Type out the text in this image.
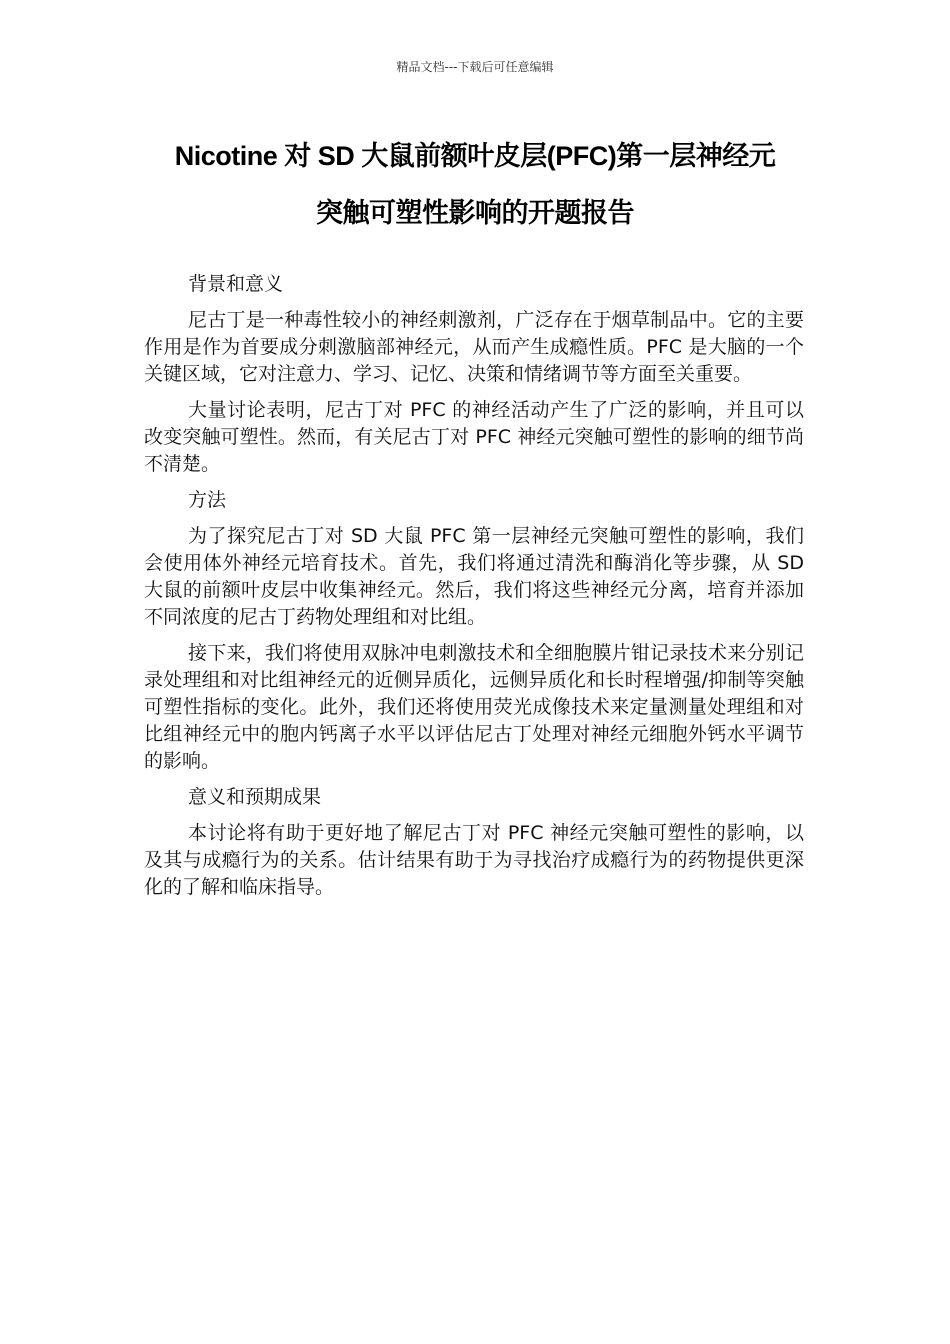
精品文档---下载后可任意编辑
Nicotine 对 SD 大鼠前额叶皮层(PFC)第一层神经元
突触可塑性影响的开题报告

背景和意义

尼古丁是一种毒性较小的神经刺激剂，广泛存在于烟草制品中。它的主要作用是作为首要成分刺激脑部神经元，从而产生成瘾性质。PFC 是大脑的一个关键区域，它对注意力、学习、记忆、决策和情绪调节等方面至关重要。

大量讨论表明，尼古丁对 PFC 的神经活动产生了广泛的影响，并且可以改变突触可塑性。然而，有关尼古丁对 PFC 神经元突触可塑性的影响的细节尚不清楚。

方法

为了探究尼古丁对 SD 大鼠 PFC 第一层神经元突触可塑性的影响，我们会使用体外神经元培育技术。首先，我们将通过清洗和酶消化等步骤，从 SD 大鼠的前额叶皮层中收集神经元。然后，我们将这些神经元分离，培育并添加不同浓度的尼古丁药物处理组和对比组。

接下来，我们将使用双脉冲电刺激技术和全细胞膜片钳记录技术来分别记录处理组和对比组神经元的近侧异质化，远侧异质化和长时程增强/抑制等突触可塑性指标的变化。此外，我们还将使用荧光成像技术来定量测量处理组和对比组神经元中的胞内钙离子水平以评估尼古丁处理对神经元细胞外钙水平调节的影响。

意义和预期成果

本讨论将有助于更好地了解尼古丁对 PFC 神经元突触可塑性的影响，以及其与成瘾行为的关系。估计结果有助于为寻找治疗成瘾行为的药物提供更深化的了解和临床指导。
